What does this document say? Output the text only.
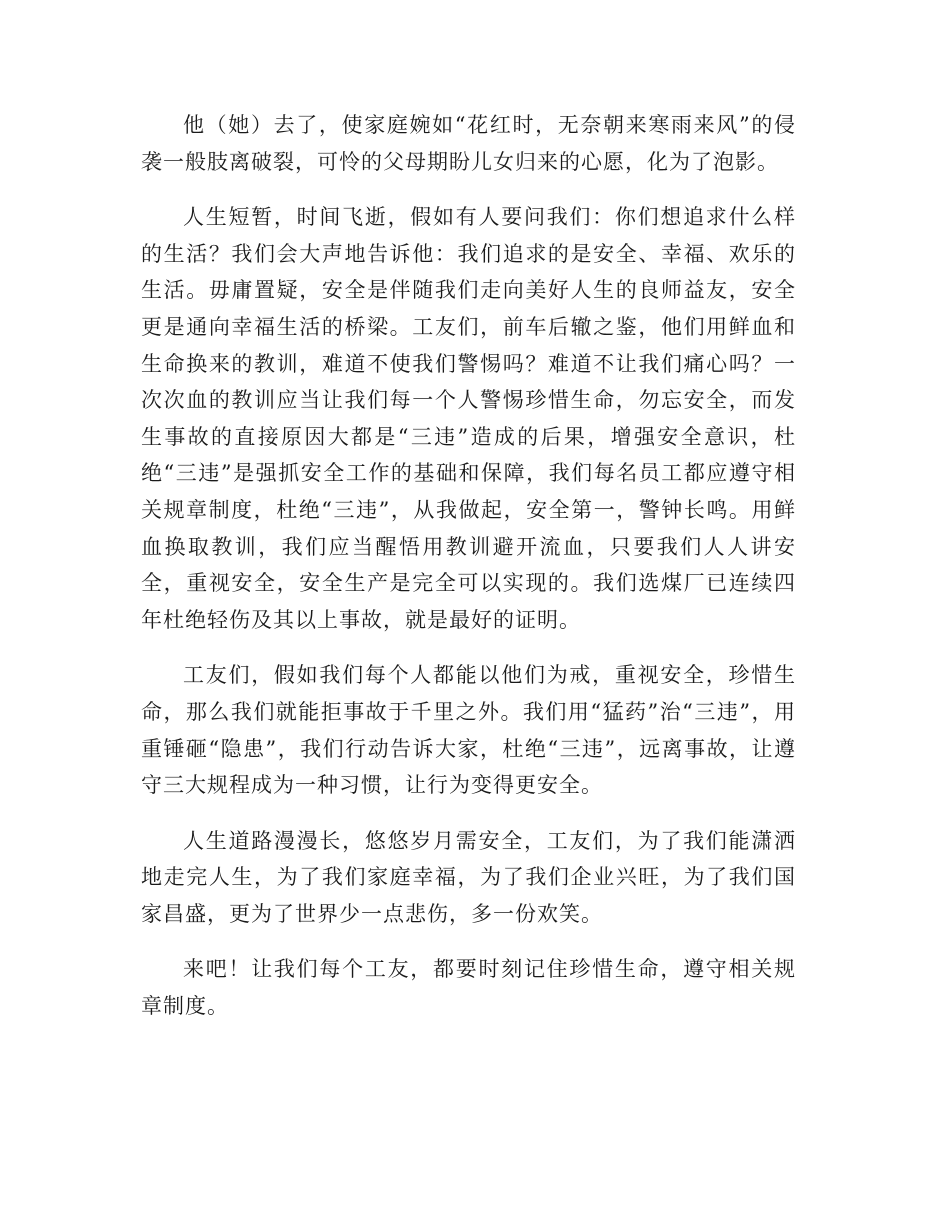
他（她）去了，使家庭婉如“花红时，无奈朝来寒雨来风”的侵袭一般肢离破裂，可怜的父母期盼儿女归来的心愿，化为了泡影。

人生短暂，时间飞逝，假如有人要问我们：你们想追求什么样的生活？我们会大声地告诉他：我们追求的是安全、幸福、欢乐的生活。毋庸置疑，安全是伴随我们走向美好人生的良师益友，安全更是通向幸福生活的桥梁。工友们，前车后辙之鉴，他们用鲜血和生命换来的教训，难道不使我们警惕吗？难道不让我们痛心吗？一次次血的教训应当让我们每一个人警惕珍惜生命，勿忘安全，而发生事故的直接原因大都是“三违”造成的后果，增强安全意识，杜绝“三违”是强抓安全工作的基础和保障，我们每名员工都应遵守相关规章制度，杜绝“三违”，从我做起，安全第一，警钟长鸣。用鲜血换取教训，我们应当醒悟用教训避开流血，只要我们人人讲安全，重视安全，安全生产是完全可以实现的。我们选煤厂已连续四年杜绝轻伤及其以上事故，就是最好的证明。

工友们，假如我们每个人都能以他们为戒，重视安全，珍惜生命，那么我们就能拒事故于千里之外。我们用“猛药”治“三违”，用重锤砸“隐患”，我们行动告诉大家，杜绝“三违”，远离事故，让遵守三大规程成为一种习惯，让行为变得更安全。

人生道路漫漫长，悠悠岁月需安全，工友们，为了我们能潇洒地走完人生，为了我们家庭幸福，为了我们企业兴旺，为了我们国家昌盛，更为了世界少一点悲伤，多一份欢笑。

来吧！让我们每个工友，都要时刻记住珍惜生命，遵守相关规章制度。
